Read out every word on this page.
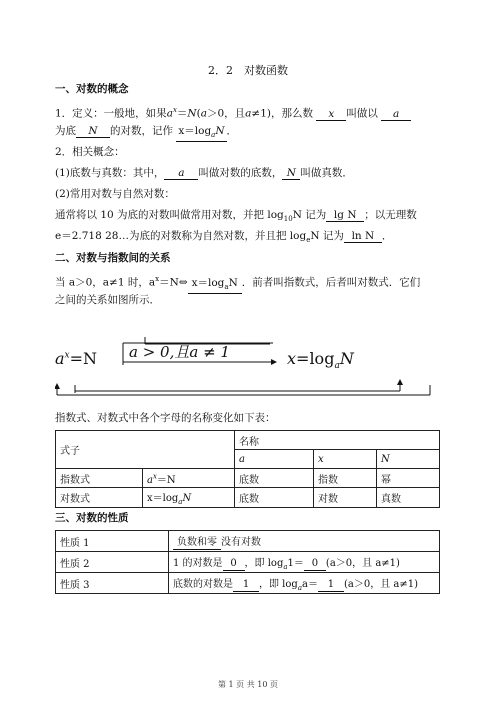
2．2　对数函数
一、对数的概念
1．定义：一般地，如果$a^x=N(a>0$，且a≠1)，那么数 x 叫做以 a
为底 N 的对数，记作 $x=\log_aN$ ．
2．相关概念：
(1)底数与真数：其中， a 叫做对数的底数， N 叫做真数．
(2)常用对数与自然对数：
通常将以 10 为底的对数叫做常用对数，并把 $\log_{10}N$ 记为 lg N ；以无理数
e＝2.718 28…为底的对数称为自然对数，并且把 $\log_eN$ 记为 ln N ．
二、对数与指数间的关系
当 a＞0，a≠1 时，$a^x=N\Leftrightarrow$ $x=\log_aN$ ．前者叫指数式，后者叫对数式．它们
之间的关系如图所示．
$a^x=N$ a > 0,且a ≠ 1	$x=\log_aN$
指数式、对数式中各个字母的名称变化如下表：
式子		名称		
		a	x	N
指数式	$a^x=N$	底数	指数	幂
对数式	$x=\log_aN$	底数	对数	真数
三、对数的性质
性质 1	负数和零 没有对数
性质 2	1 的对数是 0 ，即 $\log_a1= 0$ (a＞0，且 a≠1)
性质 3	底数的对数是 1 ，即 $\log_aa= 1$ (a＞0，且 a≠1)
第 1 页 共 10 页
